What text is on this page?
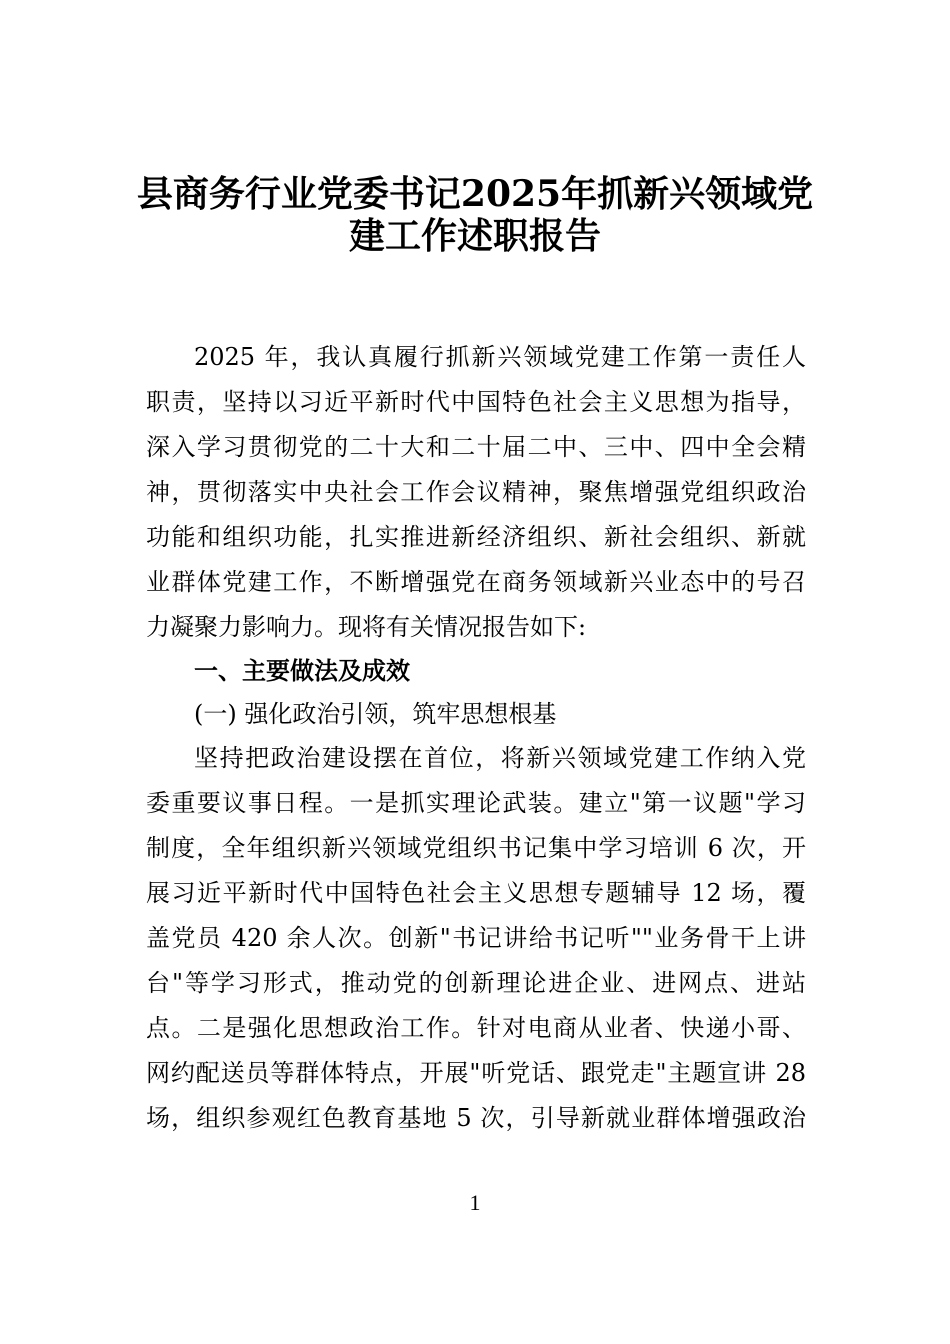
县商务行业党委书记2025年抓新兴领域党
建工作述职报告
2025 年，我认真履行抓新兴领域党建工作第一责任人
职责，坚持以习近平新时代中国特色社会主义思想为指导，
深入学习贯彻党的二十大和二十届二中、三中、四中全会精
神，贯彻落实中央社会工作会议精神，聚焦增强党组织政治
功能和组织功能，扎实推进新经济组织、新社会组织、新就
业群体党建工作，不断增强党在商务领域新兴业态中的号召
力凝聚力影响力。现将有关情况报告如下:
一、主要做法及成效
(一) 强化政治引领，筑牢思想根基
坚持把政治建设摆在首位，将新兴领域党建工作纳入党
委重要议事日程。一是抓实理论武装。建立"第一议题"学习
制度，全年组织新兴领域党组织书记集中学习培训 6 次，开
展习近平新时代中国特色社会主义思想专题辅导 12 场，覆
盖党员 420 余人次。创新"书记讲给书记听""业务骨干上讲
台"等学习形式，推动党的创新理论进企业、进网点、进站
点。二是强化思想政治工作。针对电商从业者、快递小哥、
网约配送员等群体特点，开展"听党话、跟党走"主题宣讲 28
场，组织参观红色教育基地 5 次，引导新就业群体增强政治
1
